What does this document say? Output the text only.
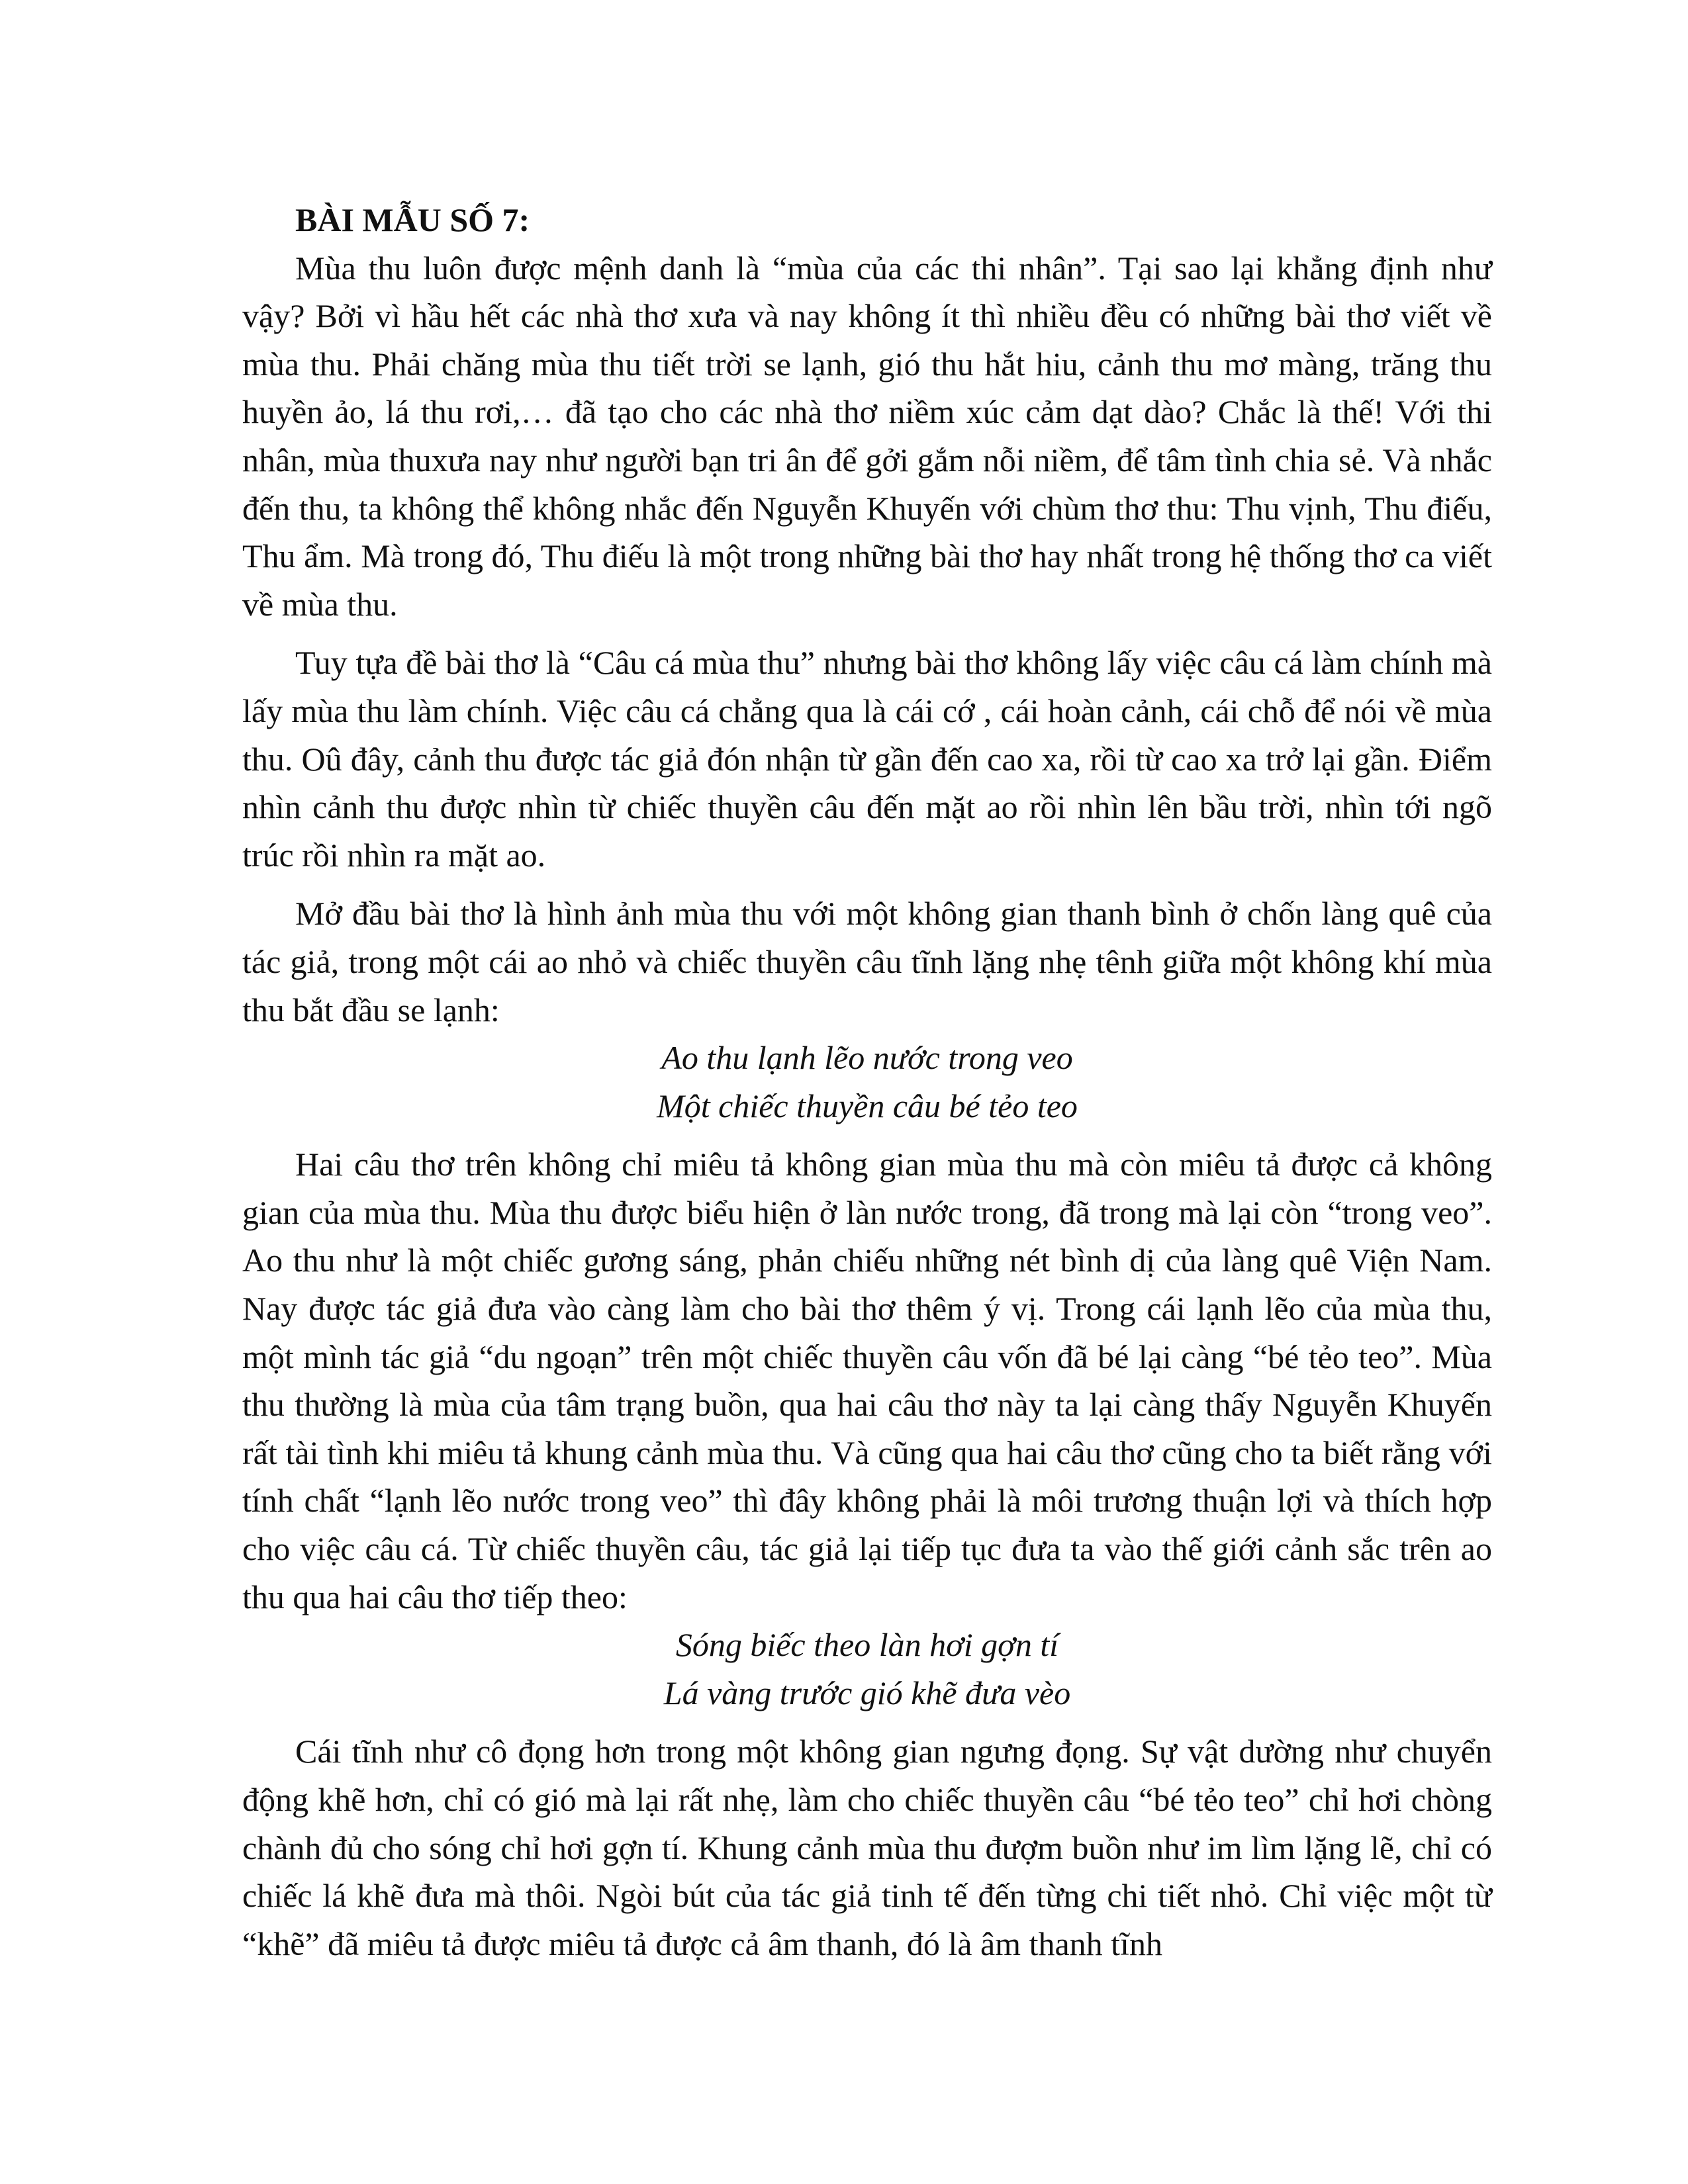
BÀI MẪU SỐ 7:

Mùa thu luôn được mệnh danh là “mùa của các thi nhân”. Tại sao lại khẳng định như vậy? Bởi vì hầu hết các nhà thơ xưa và nay không ít thì nhiều đều có những bài thơ viết về mùa thu. Phải chăng mùa thu tiết trời se lạnh, gió thu hắt hiu, cảnh thu mơ màng, trăng thu huyền ảo, lá thu rơi,… đã tạo cho các nhà thơ niềm xúc cảm dạt dào? Chắc là thế! Với thi nhân, mùa thuxưa nay như người bạn tri ân để gởi gắm nỗi niềm, để tâm tình chia sẻ. Và nhắc đến thu, ta không thể không nhắc đến Nguyễn Khuyến với chùm thơ thu: Thu vịnh, Thu điếu, Thu ẩm. Mà trong đó, Thu điếu là một trong những bài thơ hay nhất trong hệ thống thơ ca viết về mùa thu.

Tuy tựa đề bài thơ là “Câu cá mùa thu” nhưng bài thơ không lấy việc câu cá làm chính mà lấy mùa thu làm chính. Việc câu cá chẳng qua là cái cớ , cái hoàn cảnh, cái chỗ để nói về mùa thu. Oû đây, cảnh thu được tác giả đón nhận từ gần đến cao xa, rồi từ cao xa trở lại gần. Điểm nhìn cảnh thu được nhìn từ chiếc thuyền câu đến mặt ao rồi nhìn lên bầu trời, nhìn tới ngõ trúc rồi nhìn ra mặt ao.

Mở đầu bài thơ là hình ảnh mùa thu với một không gian thanh bình ở chốn làng quê của tác giả, trong một cái ao nhỏ và chiếc thuyền câu tĩnh lặng nhẹ tênh giữa một không khí mùa thu bắt đầu se lạnh:

Ao thu lạnh lẽo nước trong veo

Một chiếc thuyền câu bé tẻo teo

Hai câu thơ trên không chỉ miêu tả không gian mùa thu mà còn miêu tả được cả không gian của mùa thu. Mùa thu được biểu hiện ở làn nước trong, đã trong mà lại còn “trong veo”. Ao thu như là một chiếc gương sáng, phản chiếu những nét bình dị của làng quê Viện Nam. Nay được tác giả đưa vào càng làm cho bài thơ thêm ý vị. Trong cái lạnh lẽo của mùa thu, một mình tác giả “du ngoạn” trên một chiếc thuyền câu vốn đã bé lại càng “bé tẻo teo”. Mùa thu thường là mùa của tâm trạng buồn, qua hai câu thơ này ta lại càng thấy Nguyễn Khuyến rất tài tình khi miêu tả khung cảnh mùa thu. Và cũng qua hai câu thơ cũng cho ta biết rằng với tính chất “lạnh lẽo nước trong veo” thì đây không phải là môi trương thuận lợi và thích hợp cho việc câu cá. Từ chiếc thuyền câu, tác giả lại tiếp tục đưa ta vào thế giới cảnh sắc trên ao thu qua hai câu thơ tiếp theo:

Sóng biếc theo làn hơi gợn tí

Lá vàng trước gió khẽ đưa vèo

Cái tĩnh như cô đọng hơn trong một không gian ngưng đọng. Sự vật dường như chuyển động khẽ hơn, chỉ có gió mà lại rất nhẹ, làm cho chiếc thuyền câu “bé tẻo teo” chỉ hơi chòng chành đủ cho sóng chỉ hơi gợn tí. Khung cảnh mùa thu đượm buồn như im lìm lặng lẽ, chỉ có chiếc lá khẽ đưa mà thôi. Ngòi bút của tác giả tinh tế đến từng chi tiết nhỏ. Chỉ việc một từ “khẽ” đã miêu tả được miêu tả được cả âm thanh, đó là âm thanh tĩnh
